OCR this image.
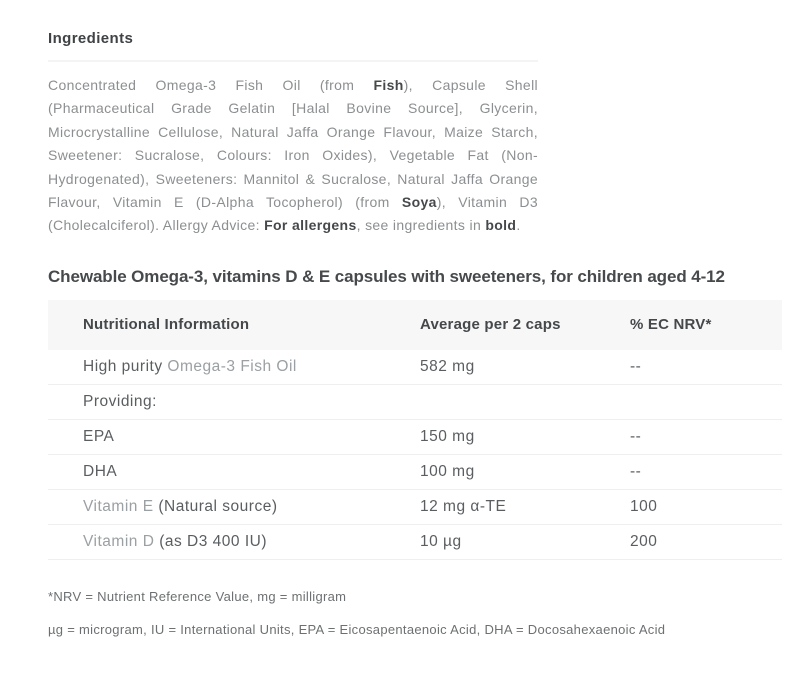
Ingredients

Concentrated Omega-3 Fish Oil (from Fish), Capsule Shell (Pharmaceutical Grade Gelatin [Halal Bovine Source], Glycerin, Microcrystalline Cellulose, Natural Jaffa Orange Flavour, Maize Starch, Sweetener: Sucralose, Colours: Iron Oxides), Vegetable Fat (Non-Hydrogenated), Sweeteners: Mannitol & Sucralose, Natural Jaffa Orange Flavour, Vitamin E (D-Alpha Tocopherol) (from Soya), Vitamin D3 (Cholecalciferol). Allergy Advice: For allergens, see ingredients in bold.

Chewable Omega-3, vitamins D & E capsules with sweeteners, for children aged 4-12
Nutritional Information	Average per 2 caps	% EC NRV*
High purity Omega-3 Fish Oil	582 mg	--
Providing:
EPA	150 mg	--
DHA	100 mg	--
Vitamin E (Natural source)	12 mg α-TE	100
Vitamin D (as D3 400 IU)	10 µg	200

*NRV = Nutrient Reference Value, mg = milligram

µg = microgram, IU = International Units, EPA = Eicosapentaenoic Acid, DHA = Docosahexaenoic Acid
